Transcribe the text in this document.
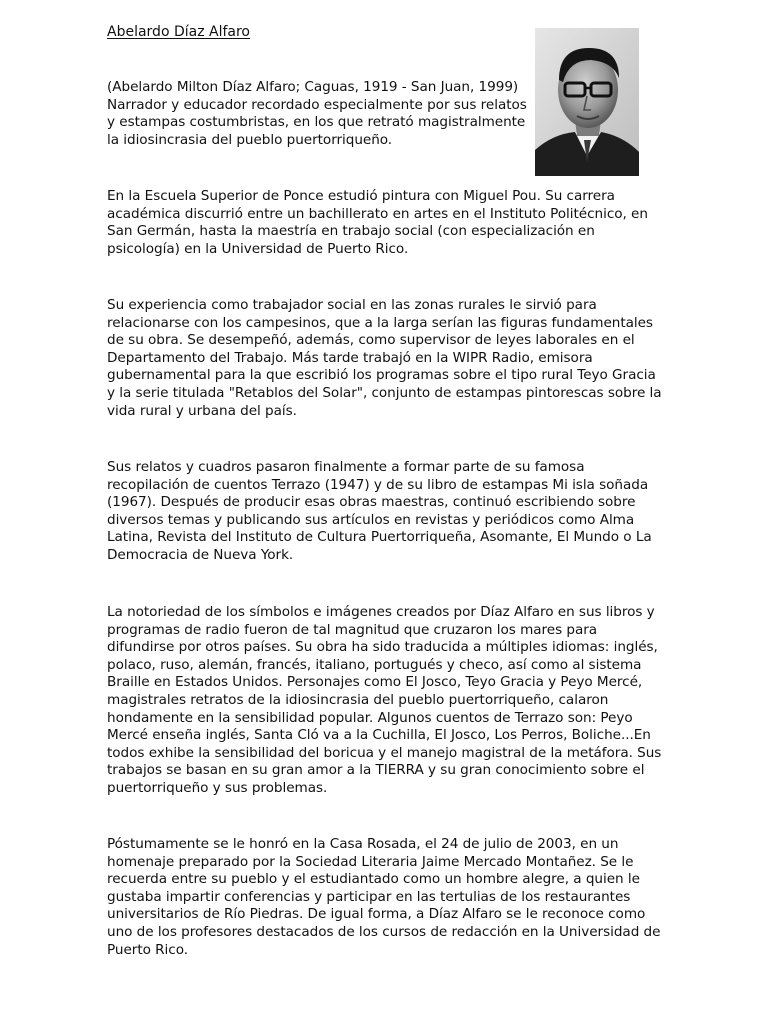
Abelardo Díaz Alfaro

(Abelardo Milton Díaz Alfaro; Caguas, 1919 - San Juan, 1999) Narrador y educador recordado especialmente por sus relatos y estampas costumbristas, en los que retrató magistralmente la idiosincrasia del pueblo puertorriqueño.

En la Escuela Superior de Ponce estudió pintura con Miguel Pou. Su carrera académica discurrió entre un bachillerato en artes en el Instituto Politécnico, en San Germán, hasta la maestría en trabajo social (con especialización en psicología) en la Universidad de Puerto Rico.

Su experiencia como trabajador social en las zonas rurales le sirvió para relacionarse con los campesinos, que a la larga serían las figuras fundamentales de su obra. Se desempeñó, además, como supervisor de leyes laborales en el Departamento del Trabajo. Más tarde trabajó en la WIPR Radio, emisora gubernamental para la que escribió los programas sobre el tipo rural Teyo Gracia y la serie titulada "Retablos del Solar", conjunto de estampas pintorescas sobre la vida rural y urbana del país.

Sus relatos y cuadros pasaron finalmente a formar parte de su famosa recopilación de cuentos Terrazo (1947) y de su libro de estampas Mi isla soñada (1967). Después de producir esas obras maestras, continuó escribiendo sobre diversos temas y publicando sus artículos en revistas y periódicos como Alma Latina, Revista del Instituto de Cultura Puertorriqueña, Asomante, El Mundo o La Democracia de Nueva York.

La notoriedad de los símbolos e imágenes creados por Díaz Alfaro en sus libros y programas de radio fueron de tal magnitud que cruzaron los mares para difundirse por otros países. Su obra ha sido traducida a múltiples idiomas: inglés, polaco, ruso, alemán, francés, italiano, portugués y checo, así como al sistema Braille en Estados Unidos. Personajes como El Josco, Teyo Gracia y Peyo Mercé, magistrales retratos de la idiosincrasia del pueblo puertorriqueño, calaron hondamente en la sensibilidad popular. Algunos cuentos de Terrazo son: Peyo Mercé enseña inglés, Santa Cló va a la Cuchilla, El Josco, Los Perros, Boliche...En todos exhibe la sensibilidad del boricua y el manejo magistral de la metáfora. Sus trabajos se basan en su gran amor a la TIERRA y su gran conocimiento sobre el puertorriqueño y sus problemas.

Póstumamente se le honró en la Casa Rosada, el 24 de julio de 2003, en un homenaje preparado por la Sociedad Literaria Jaime Mercado Montañez. Se le recuerda entre su pueblo y el estudiantado como un hombre alegre, a quien le gustaba impartir conferencias y participar en las tertulias de los restaurantes universitarios de Río Piedras. De igual forma, a Díaz Alfaro se le reconoce como uno de los profesores destacados de los cursos de redacción en la Universidad de Puerto Rico.
